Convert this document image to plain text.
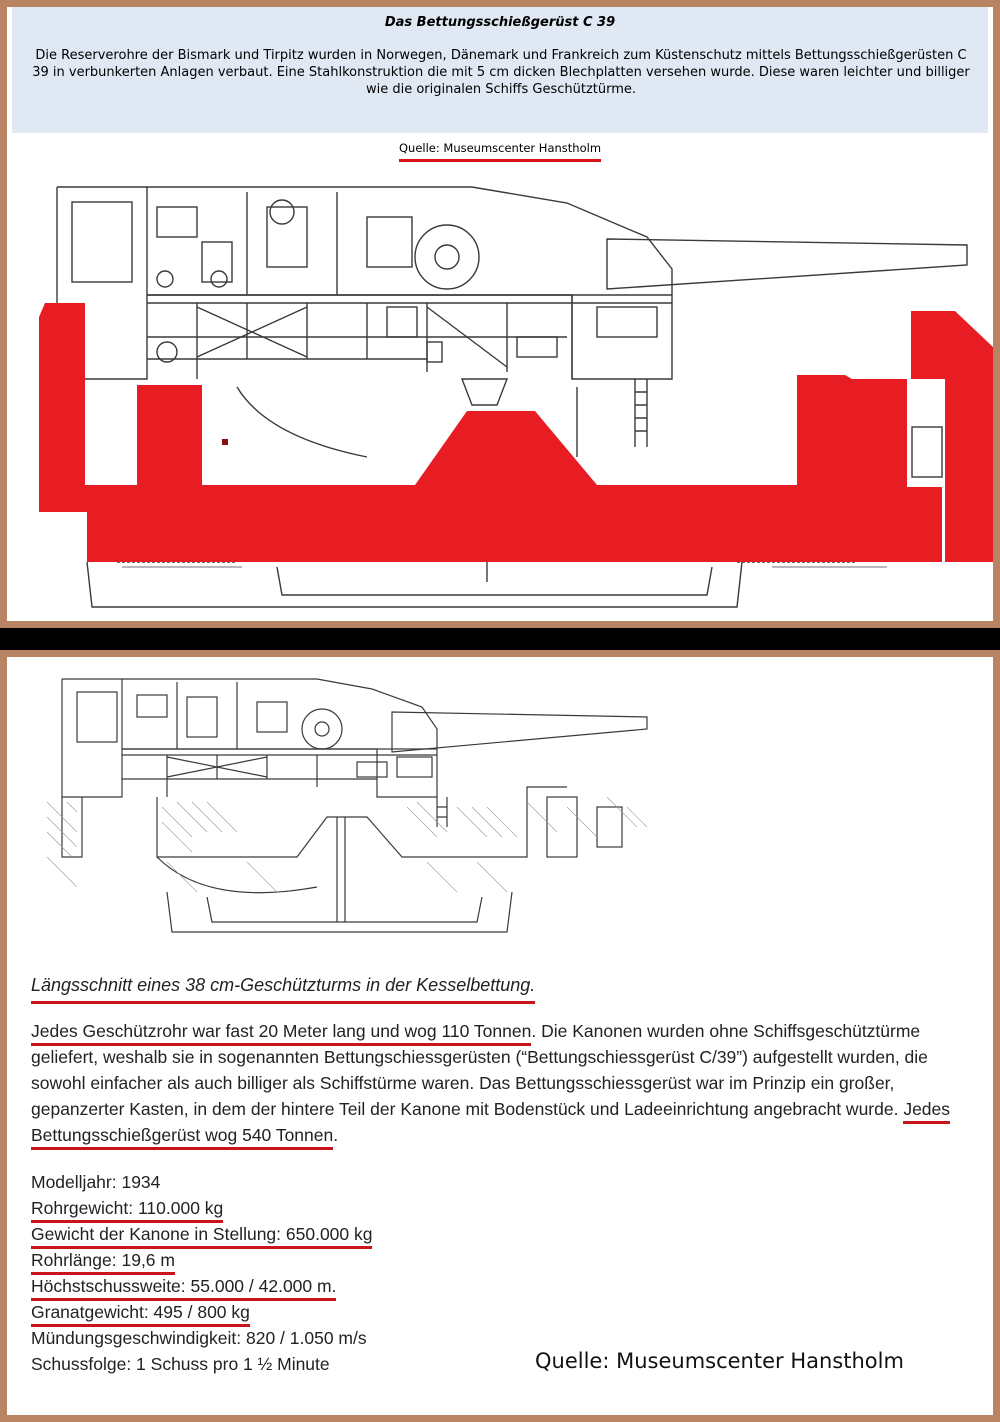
Das Bettungsschießgerüst C 39
Die Reserverohre der Bismark und Tirpitz wurden in Norwegen, Dänemark und Frankreich zum Küstenschutz mittels Bettungsschießgerüsten C 39 in verbunkerten Anlagen verbaut. Eine Stahlkonstruktion die mit 5 cm dicken Blechplatten versehen wurde. Diese waren leichter und billiger wie die originalen Schiffs Geschütztürme.
Quelle: Museumscenter Hanstholm

Längsschnitt eines 38 cm-Geschützturms in der Kesselbettung.

Jedes Geschützrohr war fast 20 Meter lang und wog 110 Tonnen. Die Kanonen wurden ohne Schiffsgeschütztürme geliefert, weshalb sie in sogenannten Bettungschiessgerüsten (“Bettungschiessgerüst C/39”) aufgestellt wurden, die sowohl einfacher als auch billiger als Schiffstürme waren. Das Bettungsschiessgerüst war im Prinzip ein großer, gepanzerter Kasten, in dem der hintere Teil der Kanone mit Bodenstück und Ladeeinrichtung angebracht wurde. Jedes Bettungsschießgerüst wog 540 Tonnen.

Modelljahr: 1934
Rohrgewicht: 110.000 kg
Gewicht der Kanone in Stellung: 650.000 kg
Rohrlänge: 19,6 m
Höchstschussweite: 55.000 / 42.000 m.
Granatgewicht: 495 / 800 kg
Mündungsgeschwindigkeit: 820 / 1.050 m/s
Schussfolge: 1 Schuss pro 1 ½ Minute	Quelle: Museumscenter Hanstholm
